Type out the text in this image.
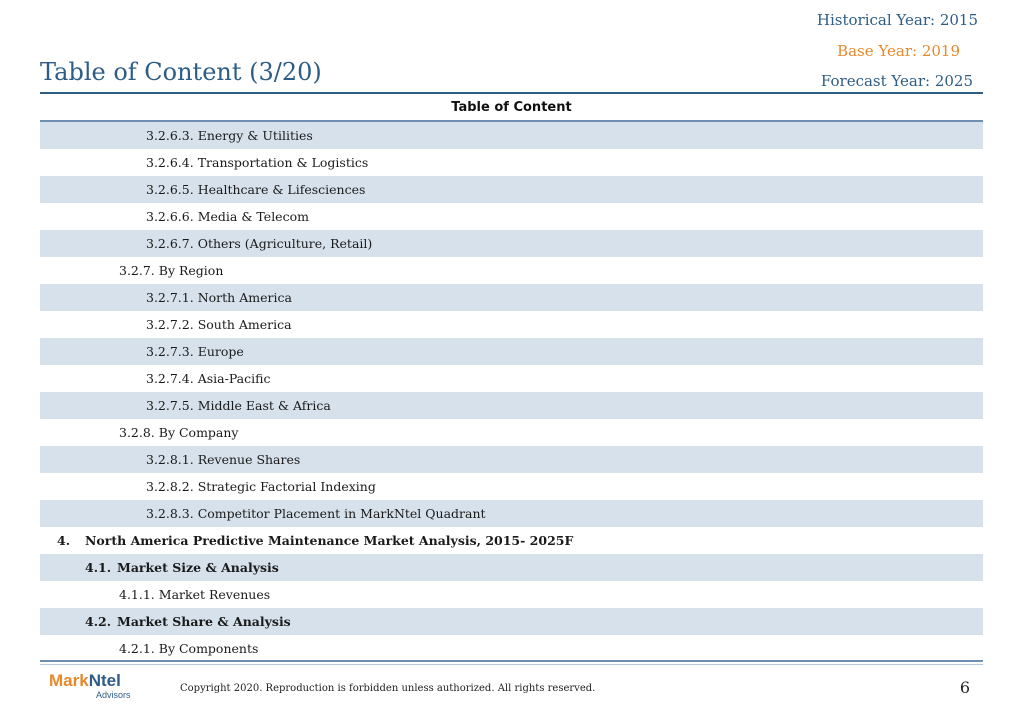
Historical Year: 2015
Base Year: 2019
Forecast Year: 2025
Table of Content (3/20)
Table of Content
3.2.6.3. Energy & Utilities
3.2.6.4. Transportation & Logistics
3.2.6.5. Healthcare & Lifesciences
3.2.6.6. Media & Telecom
3.2.6.7. Others (Agriculture, Retail)
3.2.7. By Region
3.2.7.1. North America
3.2.7.2. South America
3.2.7.3. Europe
3.2.7.4. Asia-Pacific
3.2.7.5. Middle East & Africa
3.2.8. By Company
3.2.8.1. Revenue Shares
3.2.8.2. Strategic Factorial Indexing
3.2.8.3. Competitor Placement in MarkNtel Quadrant
4. North America Predictive Maintenance Market Analysis, 2015- 2025F
4.1. Market Size & Analysis
4.1.1. Market Revenues
4.2. Market Share & Analysis
4.2.1. By Components
MarkNtel
Advisors
Copyright 2020. Reproduction is forbidden unless authorized. All rights reserved.	6
